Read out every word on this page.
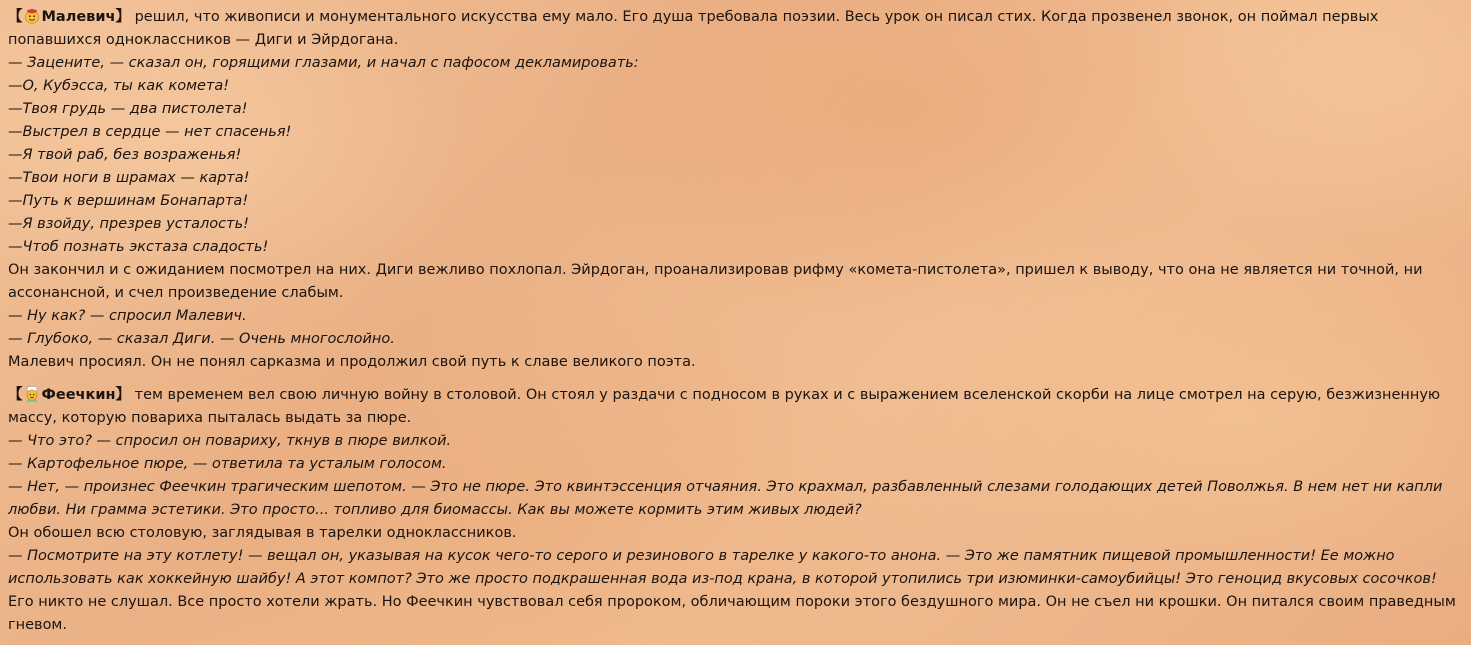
【 Малевич】 решил, что живописи и монументального искусства ему мало. Его душа требовала поэзии. Весь урок он писал стих. Когда прозвенел звонок, он поймал первых попавшихся одноклассников — Диги и Эйрдогана.

— Зацените, — сказал он, горящими глазами, и начал с пафосом декламировать:

—О, Кубэсса, ты как комета!

—Твоя грудь — два пистолета!

—Выстрел в сердце — нет спасенья!

—Я твой раб, без возраженья!

—Твои ноги в шрамах — карта!

—Путь к вершинам Бонапарта!

—Я взойду, презрев усталость!

—Чтоб познать экстаза сладость!

Он закончил и с ожиданием посмотрел на них. Диги вежливо похлопал. Эйрдоган, проанализировав рифму «комета-пистолета», пришел к выводу, что она не является ни точной, ни ассонансной, и счел произведение слабым.

— Ну как? — спросил Малевич.

— Глубоко, — сказал Диги. — Очень многослойно.

Малевич просиял. Он не понял сарказма и продолжил свой путь к славе великого поэта.

【 Феечкин】 тем временем вел свою личную войну в столовой. Он стоял у раздачи с подносом в руках и с выражением вселенской скорби на лице смотрел на серую, безжизненную массу, которую повариха пыталась выдать за пюре.

— Что это? — спросил он повариху, ткнув в пюре вилкой.

— Картофельное пюре, — ответила та усталым голосом.

— Нет, — произнес Феечкин трагическим шепотом. — Это не пюре. Это квинтэссенция отчаяния. Это крахмал, разбавленный слезами голодающих детей Поволжья. В нем нет ни капли любви. Ни грамма эстетики. Это просто... топливо для биомассы. Как вы можете кормить этим живых людей?

Он обошел всю столовую, заглядывая в тарелки одноклассников.

— Посмотрите на эту котлету! — вещал он, указывая на кусок чего-то серого и резинового в тарелке у какого-то анона. — Это же памятник пищевой промышленности! Ее можно использовать как хоккейную шайбу! А этот компот? Это же просто подкрашенная вода из-под крана, в которой утопились три изюминки-самоубийцы! Это геноцид вкусовых сосочков!

Его никто не слушал. Все просто хотели жрать. Но Феечкин чувствовал себя пророком, обличающим пороки этого бездушного мира. Он не съел ни крошки. Он питался своим праведным гневом.
